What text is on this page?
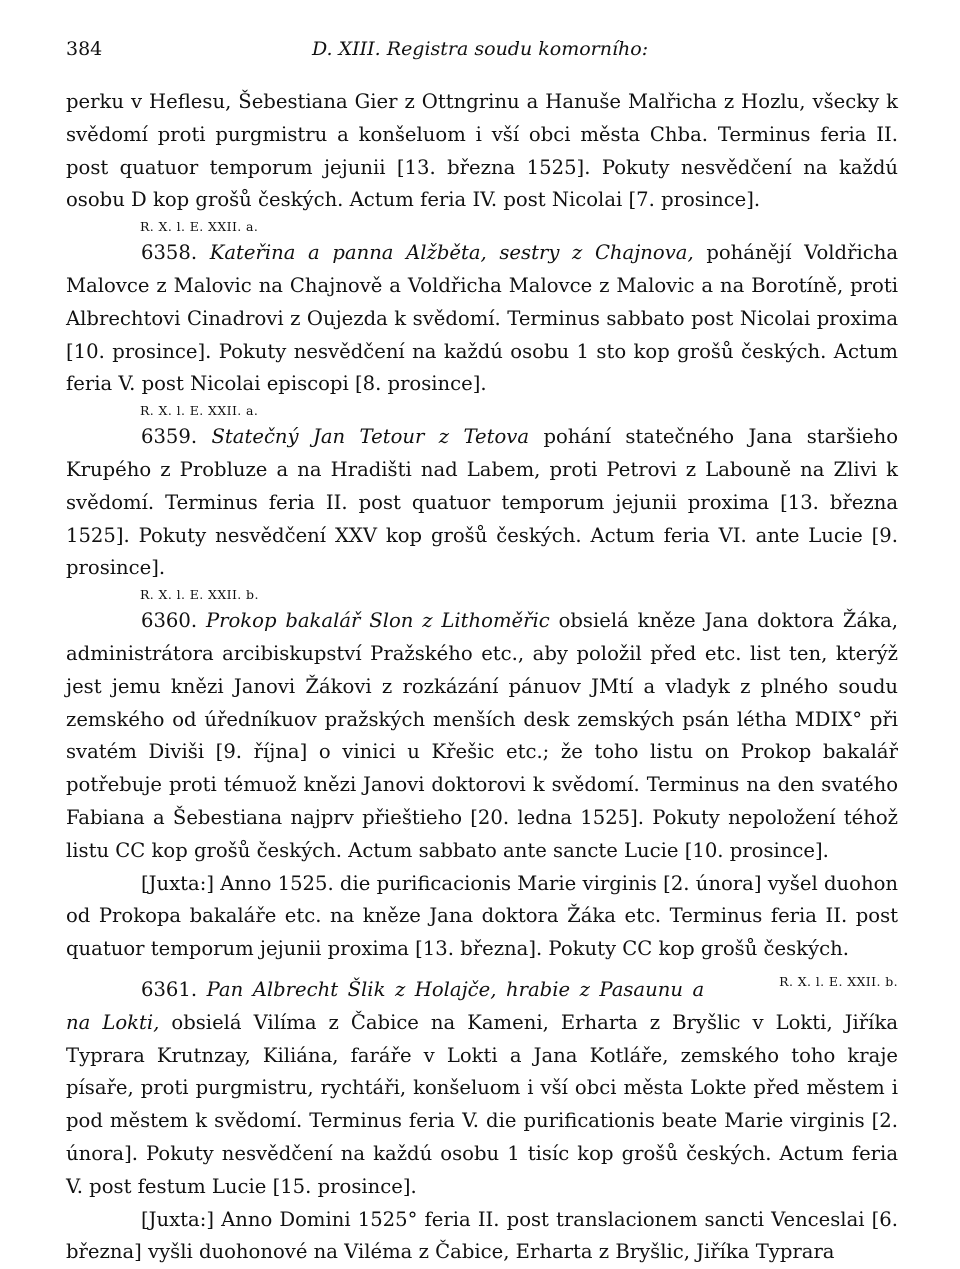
384	D. XIII. Registra soudu komorního:

perku v Heflesu, Šebestiana Gier z Ottngrinu a Hanuše Malřicha z Hozlu, všecky k svědomí proti purgmistru a konšeluom i vší obci města Chba. Terminus feria II. post quatuor temporum jejunii [13. března 1525]. Pokuty nesvědčení na každú osobu D kop grošů českých. Actum feria IV. post Nicolai [7. prosince].

R. X. l. E. XXII. a.

6358. Kateřina a panna Alžběta, sestry z Chajnova, pohánějí Voldřicha Malovce z Malovic na Chajnově a Voldřicha Malovce z Malovic a na Borotíně, proti Albrechtovi Cinadrovi z Oujezda k svědomí. Terminus sabbato post Nicolai proxima [10. prosince]. Pokuty nesvědčení na každú osobu 1 sto kop grošů českých. Actum feria V. post Nicolai episcopi [8. prosince].

R. X. l. E. XXII. a.

6359. Statečný Jan Tetour z Tetova pohání statečného Jana staršieho Krupého z Probluze a na Hradišti nad Labem, proti Petrovi z Labouně na Zlivi k svědomí. Terminus feria II. post quatuor temporum jejunii proxima [13. března 1525]. Pokuty nesvědčení XXV kop grošů českých. Actum feria VI. ante Lucie [9. prosince].

R. X. l. E. XXII. b.

6360. Prokop bakalář Slon z Lithoměřic obsielá kněze Jana doktora Žáka, administrátora arcibiskupství Pražského etc., aby položil před etc. list ten, kterýž jest jemu knězi Janovi Žákovi z rozkázání pánuov JMtí a vladyk z plného soudu zemského od úředníkuov pražských menších desk zemských psán létha MDIX° při svatém Diviši [9. října] o vinici u Křešic etc.; že toho listu on Prokop bakalář potřebuje proti témuož knězi Janovi doktorovi k svědomí. Terminus na den svatého Fabiana a Šebestiana najprv přieštieho [20. ledna 1525]. Pokuty nepoložení téhož listu CC kop grošů českých. Actum sabbato ante sancte Lucie [10. prosince].

[Juxta:] Anno 1525. die purificacionis Marie virginis [2. února] vyšel duohon od Prokopa bakaláře etc. na kněze Jana doktora Žáka etc. Terminus feria II. post quatuor temporum jejunii proxima [13. března]. Pokuty CC kop grošů českých.
R. X. l. E. XXII. b.

6361. Pan Albrecht Šlik z Holajče, hrabie z Pasaunu a na Lokti, obsielá Vilíma z Čabice na Kameni, Erharta z Bryšlic v Lokti, Jiříka Typrara Krutnzay, Kiliána, faráře v Lokti a Jana Kotláře, zemského toho kraje písaře, proti purgmistru, rychtáři, konšeluom i vší obci města Lokte před městem i pod městem k svědomí. Terminus feria V. die purificationis beate Marie virginis [2. února]. Pokuty nesvědčení na každú osobu 1 tisíc kop grošů českých. Actum feria V. post festum Lucie [15. prosince].

[Juxta:] Anno Domini 1525° feria II. post translacionem sancti Venceslai [6. března] vyšli duohonové na Viléma z Čabice, Erharta z Bryšlic, Jiříka Typrara
